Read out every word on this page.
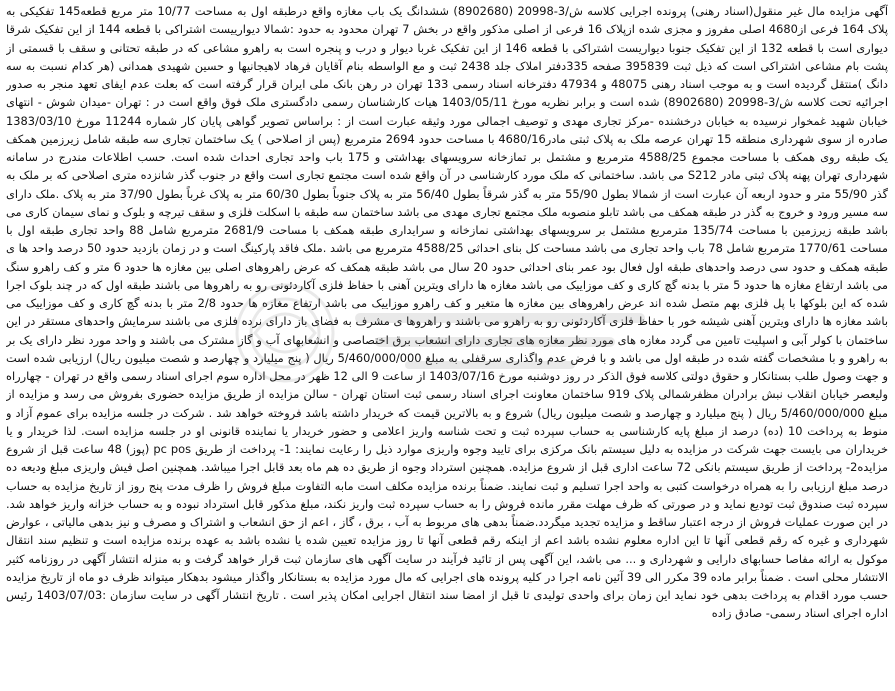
آگهی مزایده مال غیر منقول(اسناد رهنی) پرونده اجرایی کلاسه ش/3-20998 (8902680) ششدانگ یک باب مغازه واقع درطبقه اول به مساحت 10/77 متر مربع قطعه145 تفکیکی به پلاک 164 فرعی از4680 اصلی مفروز و مجزی شده ازپلاک 16 فرعی از اصلی مذکور واقع در بخش 7 تهران محدود به حدود :شمالا دیوارییست اشتراکی با قطعه 144 از این تفکیک شرقا دیواری است با قطعه 132 از این تفکیک جنوبا دیواریست اشتراکی با قطعه 146 از این تفکیک غربا دیوار و درب و پنجره است به راهرو مشاعی که در طبقه تحتانی و سقف با قسمتی از پشت بام مشاعی اشتراکی است که ذیل ثبت 395839 صفحه 335دفتر املاک جلد 2438 ثبت و مع الواسطه بنام آقایان فرهاد لاهیجانیها و حسین شهیدی همدانی (هر کدام نسبت به سه دانگ )منتقل گردیده است و به موجب اسناد رهنی 48075 و 47934 دفترخانه اسناد رسمی 133 تهران در رهن بانک ملی ایران قرار گرفته است که بعلت عدم ایفای تعهد منجر به صدور اجرائیه تحت کلاسه ش/3-20998 (8902680) شده است و برابر نظریه مورخ 1403/05/11 هیات کارشناسان رسمی دادگستری ملک فوق واقع است در : تهران -میدان شوش - انتهای خیابان شهید غمخوار نرسیده به خیابان درخشنده -مرکز تجاری مهدی و توصیف اجمالی مورد وثیقه عبارت است از : براساس تصویر گواهی پایان کار شماره 11244 مورخ 1383/03/10 صادره از سوی شهرداری منطقه 15 تهران عرصه ملک به پلاک ثبتی مادر4680/16 با مساحت حدود 2694 مترمربع (پس از اصلاحی ) یک ساختمان تجاری سه طبقه شامل زیرزمین همکف یک طبقه روی همکف با مساحت مجموع 4588/25 مترمربع و مشتمل بر تمازخانه سرویسهای بهداشتی و 175 باب واحد تجاری احداث شده است. حسب اطلاعات مندرج در سامانه شهرداری تهران پهنه پلاک ثبتی مادر S212 می باشد. ساختمانی که ملک مورد کارشناسی در آن واقع شده است مجتمع تجاری است واقع در جنوب گذر شانزده متری اصلاحی که بر ملک به گذر 55/90 متر و حدود اربعه آن عبارت است از شمالا بطول 55/90 متر به گذر شرقاً بطول 56/40 متر به پلاک جنوباً بطول 60/30 متر به پلاک غرباً بطول 37/90 متر به پلاک .ملک دارای سه مسیر ورود و خروج به گذر در طبقه همکف می باشد تابلو منصوبه ملک مجتمع تجاری مهدی می باشد ساختمان سه طبقه با اسکلت فلزی و سقف تیرچه و بلوک و نمای سیمان کاری می باشد طبقه زیرزمین با مساحت 135/74 مترمربع مشتمل بر سرویسهای بهداشتی نمازخانه و سرایداری طبقه همکف با مساحت 2681/9 مترمربع شامل 88 واحد تجاری طبقه اول با مساحت 1770/61 مترمربع شامل 78 باب واحد تجاری می باشد مساحت کل بنای احداثی 4588/25 مترمربع می باشد .ملک فاقد پارکینگ است و در زمان بازدید حدود 50 درصد واحد ها ی طبقه همکف و حدود سی درصد واحدهای طبقه اول فعال بود عمر بنای احداثی حدود 20 سال می باشد طبقه همکف که عرض راهروهای اصلی بین مغازه ها حدود 6 متر و کف راهرو سنگ می باشد ارتفاع مغازه ها حدود 5 متر با بدنه گچ کاری و کف موزاییک می باشد مغازه ها دارای ویترین آهنی با حفاظ فلزی آکاردئونی رو به راهروها می باشند طبقه اول که در چند بلوک اجرا شده که این بلوکها با پل فلزی بهم متصل شده اند عرض راهروهای بین مغازه ها متغیر و کف راهرو موزاییک می باشد ارتفاع مغازه ها حدود 2/8 متر با بدنه گچ کاری و کف موزاییک می باشد مغازه ها دارای ویترین آهنی شیشه خور با حفاظ فلزی آکاردئونی رو به راهرو می باشند و راهروها ی مشرف به فضای باز دارای نرده فلزی می باشند سرمایش واحدهای مستقر در این ساختمان با کولر آبی و اسپلیت تامین می گردد مغازه های مورد نظر مغازه های تجاری دارای انشعاب برق اختصاصی و انشعابهای آب و گاز مشترک می باشند و واحد مورد نظر دارای یک بر به راهرو و با مشخصات گفته شده در طبقه اول می باشد و با فرض عدم واگذاری سرقفلی به مبلغ 5/460/000/000 ریال ( پنج میلیارد و چهارصد و شصت میلیون ریال) ارزیابی شده است و جهت وصول طلب بستانکار و حقوق دولتی کلاسه فوق الذکر در روز دوشنبه مورخ 1403/07/16 از ساعت 9 الی 12 ظهر در محل اداره سوم اجرای اسناد رسمی واقع در تهران - چهارراه ولیعصر خیابان انقلاب نبش برادران مظفرشمالی پلاک 919 ساختمان معاونت اجرای اسناد رسمی ثبت استان تهران - سالن مزایده از طریق مزایده حضوری بفروش می رسد و مزایده از مبلغ 5/460/000/000 ریال ( پنج میلیارد و چهارصد و شصت میلیون ریال) شروع و به بالاترین قیمت که خریدار داشته باشد فروخته خواهد شد . شرکت در جلسه مزایده برای عموم آزاد و منوط به پرداخت 10 (ده) درصد از مبلغ پایه کارشناسی به حساب سپرده ثبت و تحت شناسه واریز اعلامی و حضور خریدار یا نماینده قانونی او در جلسه مزایده است. لذا خریدار و یا خریداران می بایست جهت شرکت در مزایده به دلیل سیستم بانک مرکزی برای تایید وجوه واریزی موارد ذیل را رعایت نمایند: 1- پرداخت از طریق pc pos (پوز) 48 ساعت قبل از شروع مزایده2- پرداخت از طریق سیستم بانکی 72 ساعت اداری قبل از شروع مزایده. همچنین استرداد وجوه از طریق ده هم ماه بعد قابل اجرا میباشد. همچنین اصل فیش واریزی مبلغ ودیعه ده درصد مبلغ ارزیابی را به همراه درخواست کتبی به واحد اجرا تسلیم و ثبت نمایند. ضمناً برنده مزایده مکلف است مابه التفاوت مبلغ فروش را ظرف مدت پنج روز از تاریخ مزایده به حساب سپرده ثبت صندوق ثبت تودیع نماید و در صورتی که ظرف مهلت مقرر مانده فروش را به حساب سپرده ثبت واریز نکند، مبلغ مذکور قابل استرداد نبوده و به حساب خزانه واریز خواهد شد. در این صورت عملیات فروش از درجه اعتبار ساقط و مزایده تجدید میگردد.ضمناً بدهی های مربوط به آب ، برق ، گاز ، اعم از حق انشعاب و اشتراک و مصرف و نیز بدهی مالیاتی ، عوارض شهرداری و غیره که رقم قطعی آنها تا این اداره معلوم نشده باشد اعم از اینکه رقم قطعی آنها تا روز مزایده تعیین شده یا نشده باشد به عهده برنده مزایده است و تنظیم سند انتقال موکول به ارائه مفاصا حسابهای دارایی و شهرداری و ... می باشد، این آگهی پس از تائید فرآیند در سایت آگهی های سازمان ثبت قرار خواهد گرفت و به منزله انتشار آگهی در روزنامه کثیر الانتشار محلی است . ضمناً برابر ماده 39 مکرر الی 39 آئین نامه اجرا در کلیه پرونده های اجرایی که مال مورد مزایده به بستانکار واگذار میشود بدهکار میتواند ظرف دو ماه از تاریخ مزایده حسب مورد اقدام به پرداخت بدهی خود نماید این زمان برای واحدی تولیدی تا قبل از امضا سند انتقال اجرایی امکان پذیر است . تاریخ انتشار آگهی در سایت سازمان :1403/07/03 رئیس اداره اجرای اسناد رسمی- صادق زاده
